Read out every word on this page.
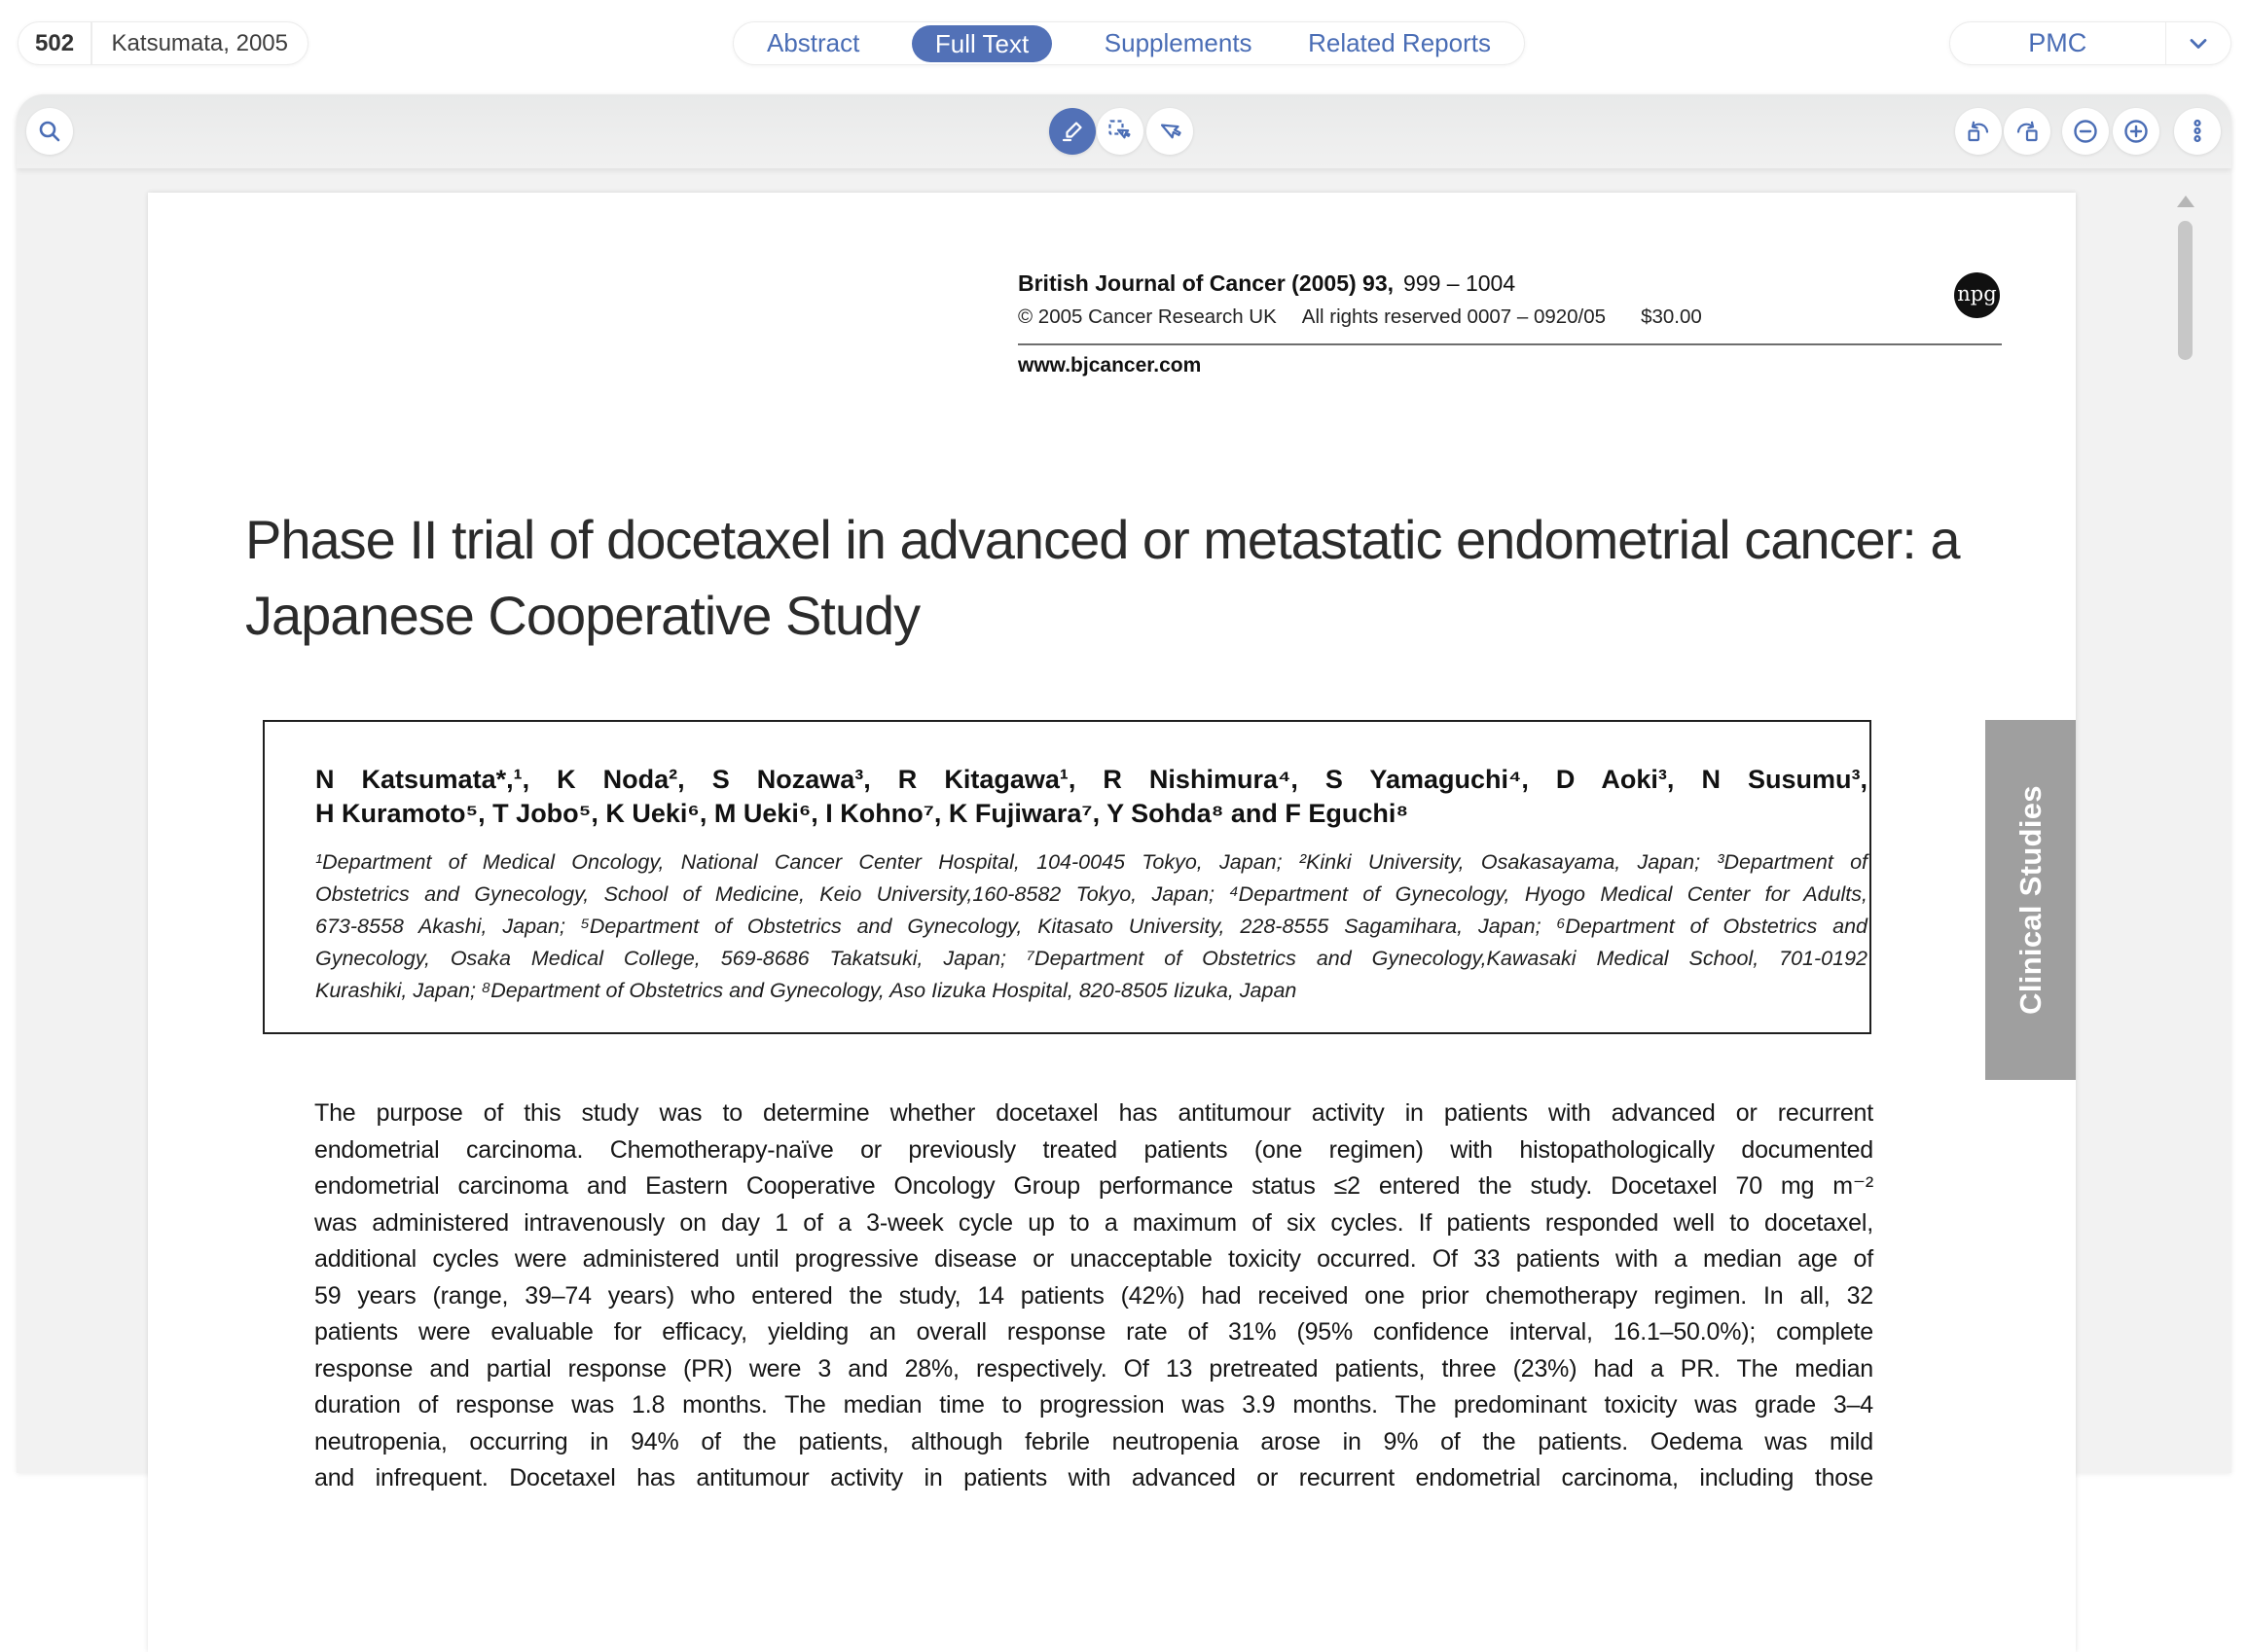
502	Katsumata, 2005	Abstract	Full Text	Supplements Related Reports	PMC
British Journal of Cancer (2005) 93, 999 – 1004
© 2005 Cancer Research UK All rights reserved 0007 – 0920/05 $30.00
www.bjcancer.com
npg
Phase II trial of docetaxel in advanced or metastatic endometrial cancer: a Japanese Cooperative Study
N Katsumata*,¹, K Noda², S Nozawa³, R Kitagawa¹, R Nishimura⁴, S Yamaguchi⁴, D Aoki³, N Susumu³,
H Kuramoto⁵, T Jobo⁵, K Ueki⁶, M Ueki⁶, I Kohno⁷, K Fujiwara⁷, Y Sohda⁸ and F Eguchi⁸
¹Department of Medical Oncology, National Cancer Center Hospital, 104-0045 Tokyo, Japan; ²Kinki University, Osakasayama, Japan; ³Department of
Obstetrics and Gynecology, School of Medicine, Keio University,160-8582 Tokyo, Japan; ⁴Department of Gynecology, Hyogo Medical Center for Adults,
673-8558 Akashi, Japan; ⁵Department of Obstetrics and Gynecology, Kitasato University, 228-8555 Sagamihara, Japan; ⁶Department of Obstetrics and
Gynecology, Osaka Medical College, 569-8686 Takatsuki, Japan; ⁷Department of Obstetrics and Gynecology,Kawasaki Medical School, 701-0192
Kurashiki, Japan; ⁸Department of Obstetrics and Gynecology, Aso Iizuka Hospital, 820-8505 Iizuka, Japan
The purpose of this study was to determine whether docetaxel has antitumour activity in patients with advanced or recurrent
endometrial carcinoma. Chemotherapy-naïve or previously treated patients (one regimen) with histopathologically documented
endometrial carcinoma and Eastern Cooperative Oncology Group performance status ≤2 entered the study. Docetaxel 70 mg m⁻²
was administered intravenously on day 1 of a 3-week cycle up to a maximum of six cycles. If patients responded well to docetaxel,
additional cycles were administered until progressive disease or unacceptable toxicity occurred. Of 33 patients with a median age of
59 years (range, 39–74 years) who entered the study, 14 patients (42%) had received one prior chemotherapy regimen. In all, 32
patients were evaluable for efficacy, yielding an overall response rate of 31% (95% confidence interval, 16.1–50.0%); complete
response and partial response (PR) were 3 and 28%, respectively. Of 13 pretreated patients, three (23%) had a PR. The median
duration of response was 1.8 months. The median time to progression was 3.9 months. The predominant toxicity was grade 3–4
neutropenia, occurring in 94% of the patients, although febrile neutropenia arose in 9% of the patients. Oedema was mild
and infrequent. Docetaxel has antitumour activity in patients with advanced or recurrent endometrial carcinoma, including those
Clinical Studies
